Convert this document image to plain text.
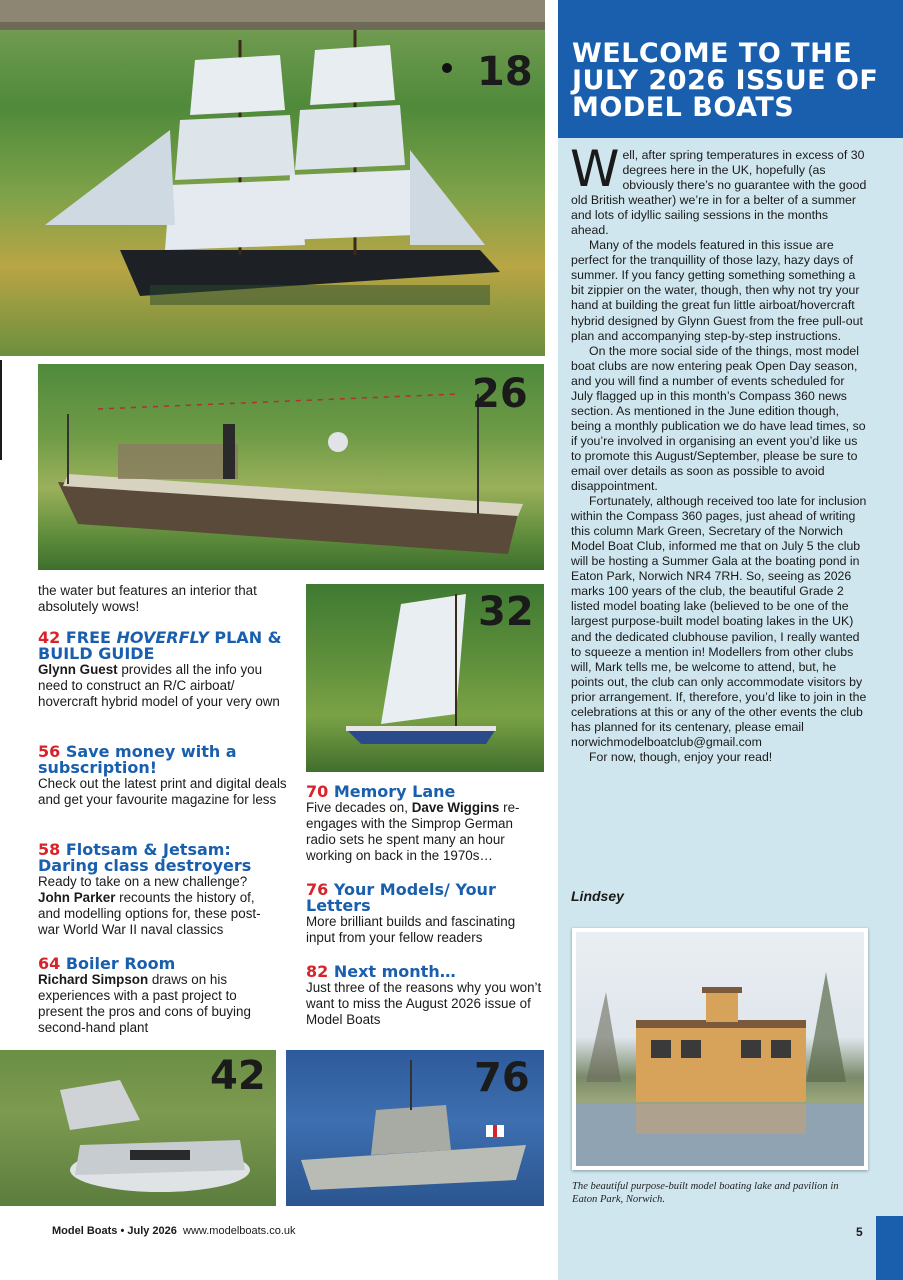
18
26
32
42	76
the water but features an interior that absolutely wows!
42 FREE HOVERFLY PLAN & BUILD GUIDE
Glynn Guest provides all the info you need to construct an R/C airboat/ hovercraft hybrid model of your very own
56 Save money with a subscription!
Check out the latest print and digital deals and get your favourite magazine for less
58 Flotsam & Jetsam: Daring class destroyers
Ready to take on a new challenge? John Parker recounts the history of, and modelling options for, these post-war World War II naval classics
64 Boiler Room
Richard Simpson draws on his experiences with a past project to present the pros and cons of buying second-hand plant
70 Memory Lane
Five decades on, Dave Wiggins re-engages with the Simprop German radio sets he spent many an hour working on back in the 1970s…
76 Your Models/ Your Letters
More brilliant builds and fascinating input from your fellow readers
82 Next month…
Just three of the reasons why you won’t want to miss the August 2026 issue of Model Boats
WELCOME TO THE JULY 2026 ISSUE OF MODEL BOATS

Well, after spring temperatures in excess of 30 degrees here in the UK, hopefully (as obviously there’s no guarantee with the good old British weather) we’re in for a belter of a summer and lots of idyllic sailing sessions in the months ahead.

Many of the models featured in this issue are perfect for the tranquillity of those lazy, hazy days of summer. If you fancy getting something something a bit zippier on the water, though, then why not try your hand at building the great fun little airboat/hovercraft hybrid designed by Glynn Guest from the free pull-out plan and accompanying step-by-step instructions.

On the more social side of the things, most model boat clubs are now entering peak Open Day season, and you will find a number of events scheduled for July flagged up in this month’s Compass 360 news section. As mentioned in the June edition though, being a monthly publication we do have lead times, so if you’re involved in organising an event you’d like us to promote this August/September, please be sure to email over details as soon as possible to avoid disappointment.

Fortunately, although received too late for inclusion within the Compass 360 pages, just ahead of writing this column Mark Green, Secretary of the Norwich Model Boat Club, informed me that on July 5 the club will be hosting a Summer Gala at the boating pond in Eaton Park, Norwich NR4 7RH. So, seeing as 2026 marks 100 years of the club, the beautiful Grade 2 listed model boating lake (believed to be one of the largest purpose-built model boating lakes in the UK) and the dedicated clubhouse pavilion, I really wanted to squeeze a mention in! Modellers from other clubs will, Mark tells me, be welcome to attend, but, he points out, the club can only accommodate visitors by prior arrangement. If, therefore, you’d like to join in the celebrations at this or any of the other events the club has planned for its centenary, please email norwichmodelboatclub@gmail.com

For now, though, enjoy your read!

Lindsey
The beautiful purpose-built model boating lake and pavilion in Eaton Park, Norwich.
Model Boats • July 2026 www.modelboats.co.uk	5
